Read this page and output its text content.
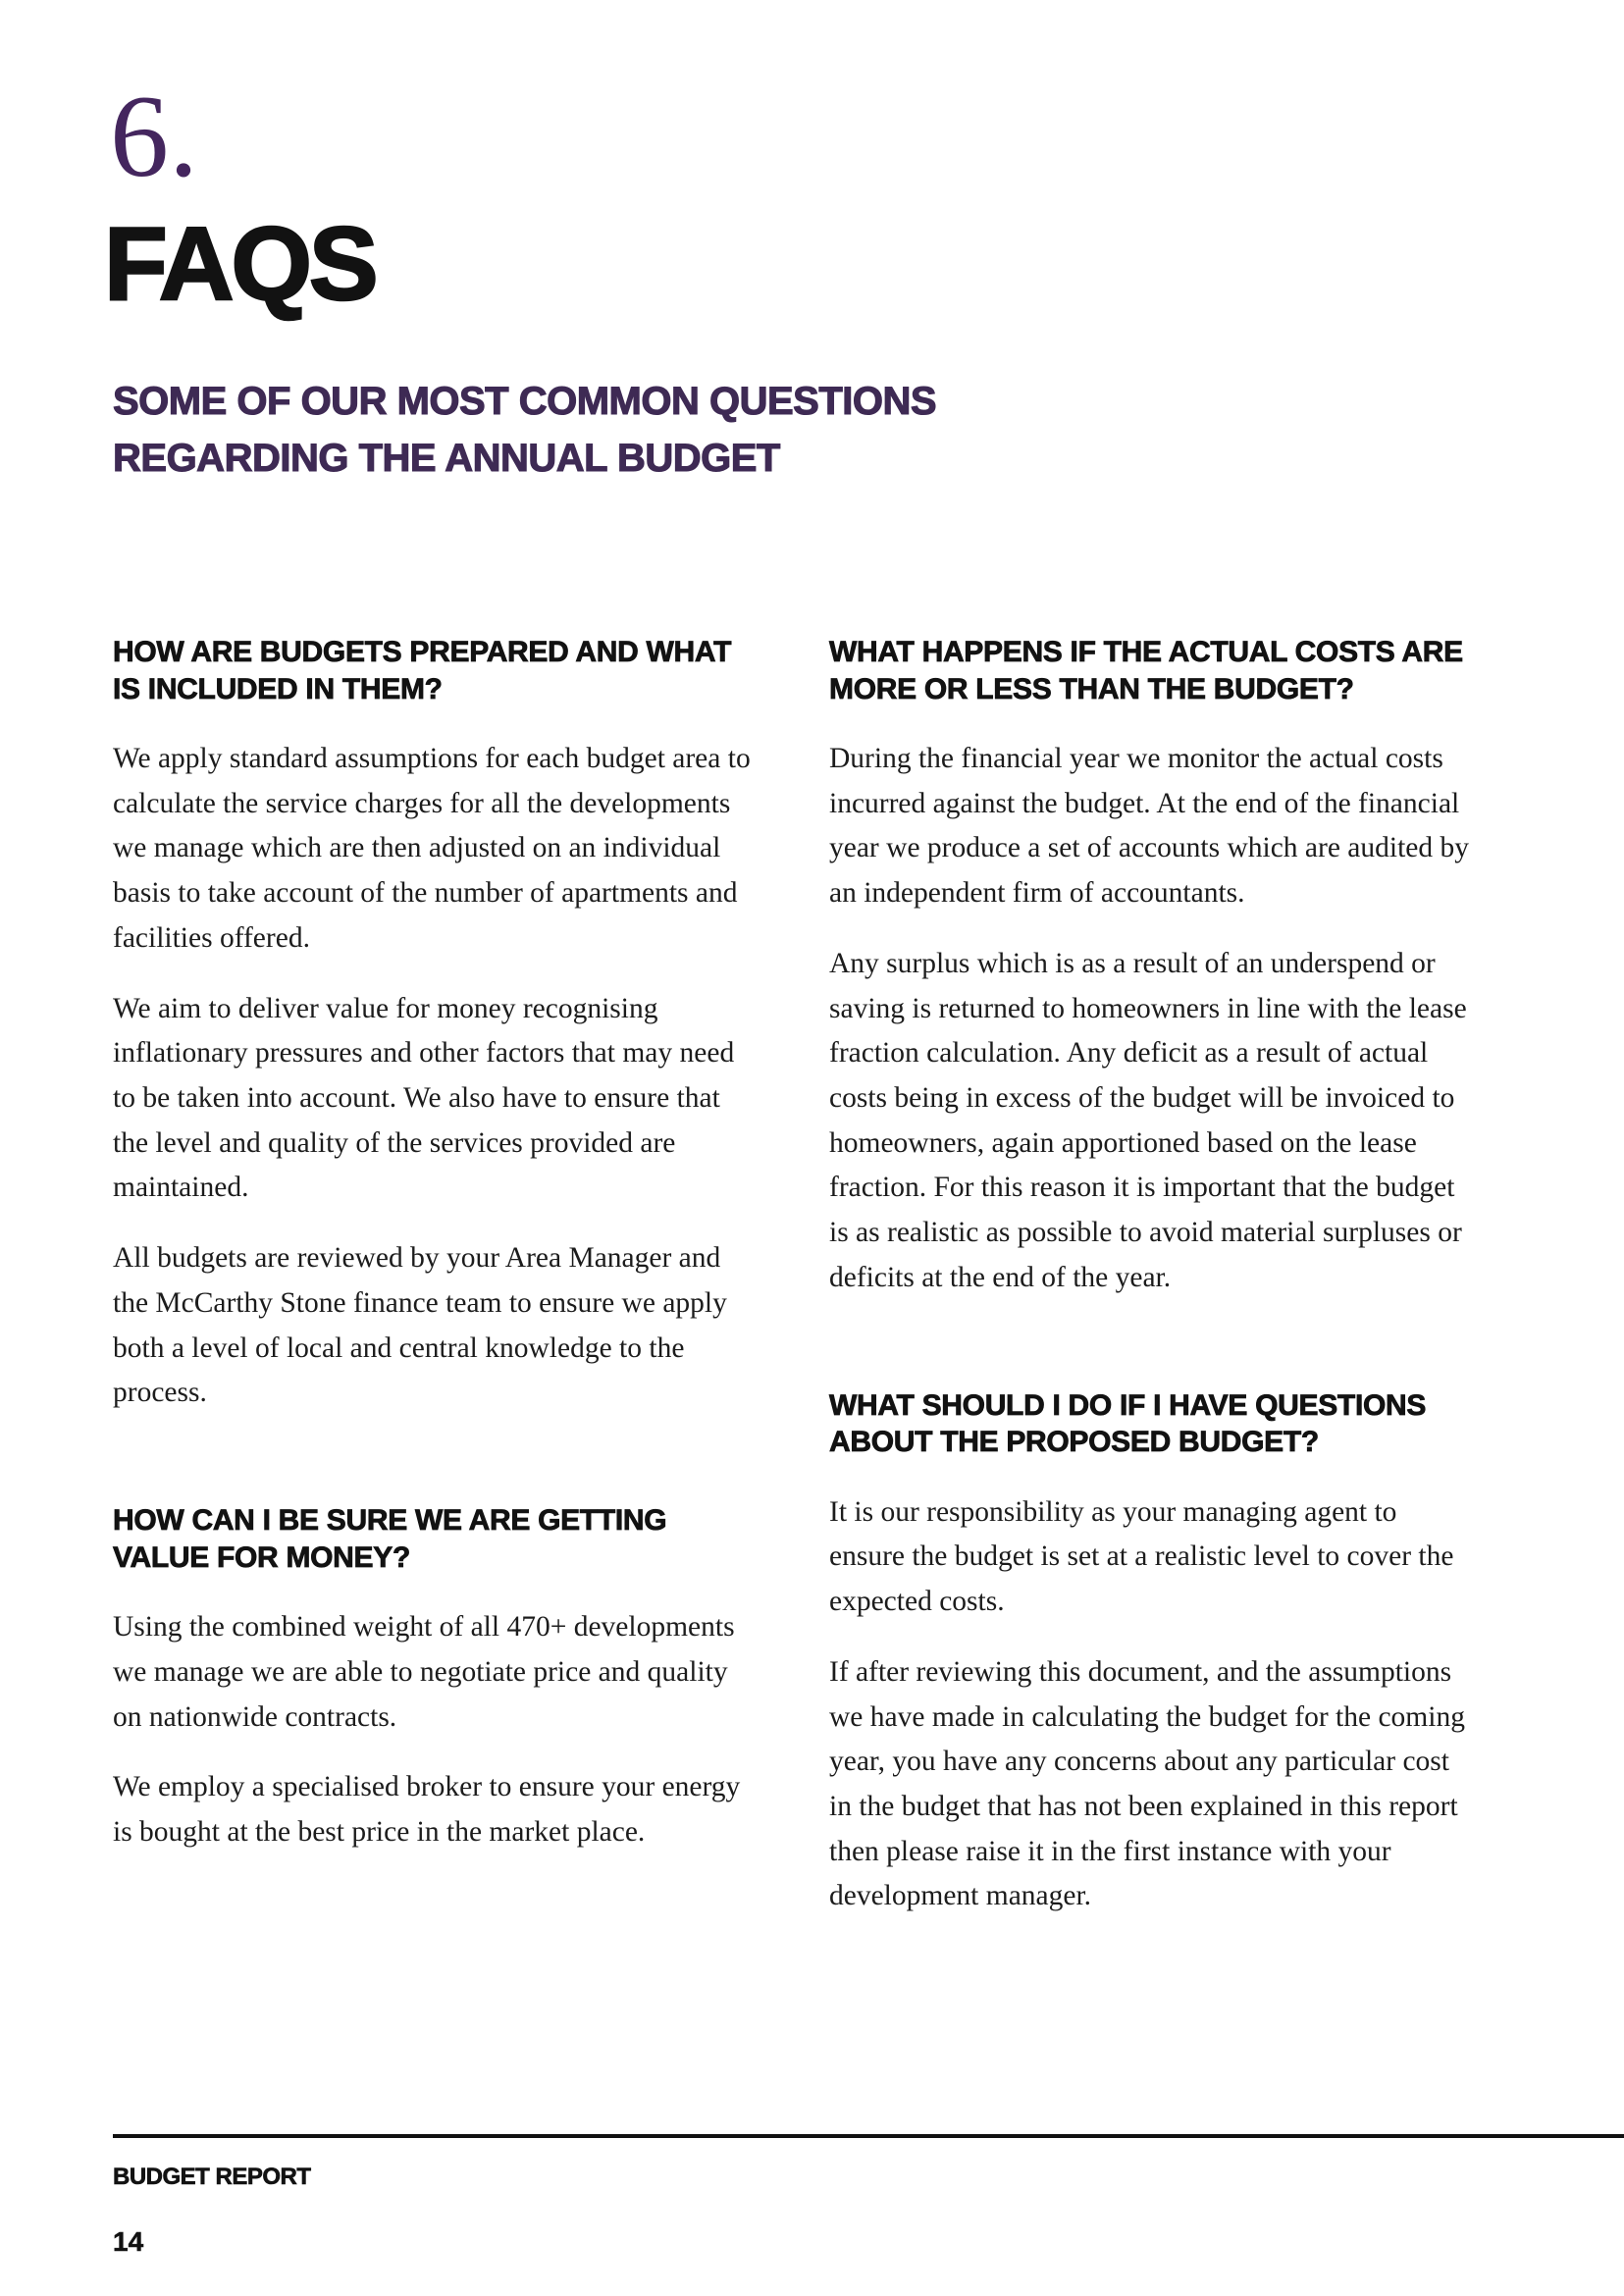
6.
FAQS
SOME OF OUR MOST COMMON QUESTIONS
REGARDING THE ANNUAL BUDGET
HOW ARE BUDGETS PREPARED AND WHAT IS INCLUDED IN THEM?

We apply standard assumptions for each budget area to calculate the service charges for all the developments we manage which are then adjusted on an individual basis to take account of the number of apartments and facilities offered.

We aim to deliver value for money recognising inflationary pressures and other factors that may need to be taken into account. We also have to ensure that the level and quality of the services provided are maintained.

All budgets are reviewed by your Area Manager and the McCarthy Stone finance team to ensure we apply both a level of local and central knowledge to the process.

HOW CAN I BE SURE WE ARE GETTING VALUE FOR MONEY?

Using the combined weight of all 470+ developments we manage we are able to negotiate price and quality on nationwide contracts.

We employ a specialised broker to ensure your energy is bought at the best price in the market place.

WHAT HAPPENS IF THE ACTUAL COSTS ARE MORE OR LESS THAN THE BUDGET?

During the financial year we monitor the actual costs incurred against the budget. At the end of the financial year we produce a set of accounts which are audited by an independent firm of accountants.

Any surplus which is as a result of an underspend or saving is returned to homeowners in line with the lease fraction calculation. Any deficit as a result of actual costs being in excess of the budget will be invoiced to homeowners, again apportioned based on the lease fraction. For this reason it is important that the budget is as realistic as possible to avoid material surpluses or deficits at the end of the year.

WHAT SHOULD I DO IF I HAVE QUESTIONS ABOUT THE PROPOSED BUDGET?

It is our responsibility as your managing agent to ensure the budget is set at a realistic level to cover the expected costs.

If after reviewing this document, and the assumptions we have made in calculating the budget for the coming year, you have any concerns about any particular cost in the budget that has not been explained in this report then please raise it in the first instance with your development manager.

BUDGET REPORT
14
